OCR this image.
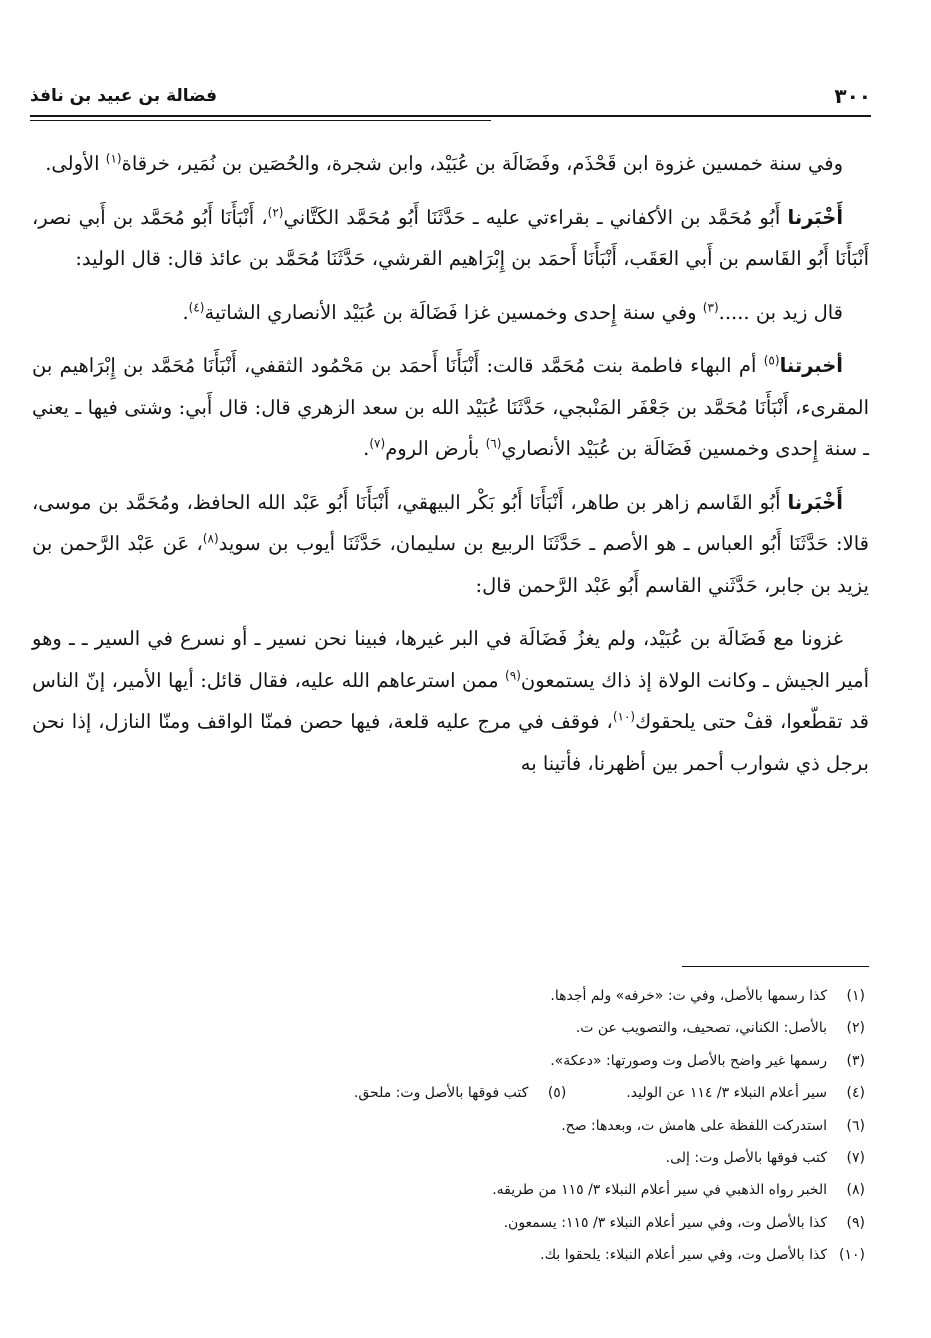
٣٠٠
فضالة بن عبيد بن نافذ

وفي سنة خمسين غزوة ابن قَحْذَم، وفَضَالَة بن عُبَيْد، وابن شجرة، والحُصَين بن نُمَير، خرقاة$^{(١)}$ الأولى.

أَخْبَرنا أَبُو مُحَمَّد بن الأكفاني ـ بقراءتي عليه ـ حَدَّثَنَا أَبُو مُحَمَّد الكَتَّاني$^{(٢)}$، أَنْبَأَنَا أَبُو مُحَمَّد بن أَبي نصر، أَنْبَأَنَا أَبُو القَاسم بن أَبي العَقَب، أَنْبَأَنَا أَحمَد بن إِبْرَاهيم القرشي، حَدَّثَنَا مُحَمَّد بن عائذ قال: قال الوليد:

قال زيد بن .....$^{(٣)}$ وفي سنة إِحدى وخمسين غزا فَضَالَة بن عُبَيْد الأنصاري الشاتية$^{(٤)}$.

أخبرتنا$^{(٥)}$ أم البهاء فاطمة بنت مُحَمَّد قالت: أَنْبَأَنَا أَحمَد بن مَحْمُود الثقفي، أَنْبَأَنَا مُحَمَّد بن إِبْرَاهيم بن المقرىء، أَنْبَأَنَا مُحَمَّد بن جَعْفَر المَنْبجي، حَدَّثَنَا عُبَيْد الله بن سعد الزهري قال: قال أَبي: وشتى فيها ـ يعني ـ سنة إِحدى وخمسين فَضَالَة بن عُبَيْد الأنصاري$^{(٦)}$ بأرض الروم$^{(٧)}$.

أَخْبَرنا أَبُو القَاسم زاهر بن طاهر، أَنْبَأَنَا أَبُو بَكْر البيهقي، أَنْبَأَنَا أَبُو عَبْد الله الحافظ، ومُحَمَّد بن موسى، قالا: حَدَّثَنَا أَبُو العباس ـ هو الأصم ـ حَدَّثَنَا الربيع بن سليمان، حَدَّثَنَا أيوب بن سويد$^{(٨)}$، عَن عَبْد الرَّحمن بن يزيد بن جابر، حَدَّثَني القاسم أَبُو عَبْد الرَّحمن قال:

غزونا مع فَضَالَة بن عُبَيْد، ولم يغزُ فَضَالَة في البر غيرها، فبينا نحن نسير ـ أو نسرع في السير ـ ـ وهو أمير الجيش ـ وكانت الولاة إذ ذاك يستمعون$^{(٩)}$ ممن استرعاهم الله عليه، فقال قائل: أيها الأمير، إنّ الناس قد تقطّعوا، قفْ حتى يلحقوك$^{(١٠)}$، فوقف في مرج عليه قلعة، فيها حصن فمنّا الواقف ومنّا النازل، إذا نحن برجل ذي شوارب أحمر بين أظهرنا، فأتينا به

(١)
كذا رسمها بالأصل، وفي ت: «خرفه» ولم أجدها.
(٢)
بالأصل: الكناني، تصحيف، والتصويب عن ت.
(٣)
رسمها غير واضح بالأصل وت وصورتها: «دعكة».
(٤)
سير أعلام النبلاء ٣/ ١١٤ عن الوليد.
(٥)
كتب فوقها بالأصل وت: ملحق.
(٦)
استدركت اللفظة على هامش ت، وبعدها: صح.
(٧)
كتب فوقها بالأصل وت: إلى.
(٨)
الخبر رواه الذهبي في سير أعلام النبلاء ٣/ ١١٥ من طريقه.
(٩)
كذا بالأصل وت، وفي سير أعلام النبلاء ٣/ ١١٥: يسمعون.
(١٠)
كذا بالأصل وت، وفي سير أعلام النبلاء: يلحقوا بك.
